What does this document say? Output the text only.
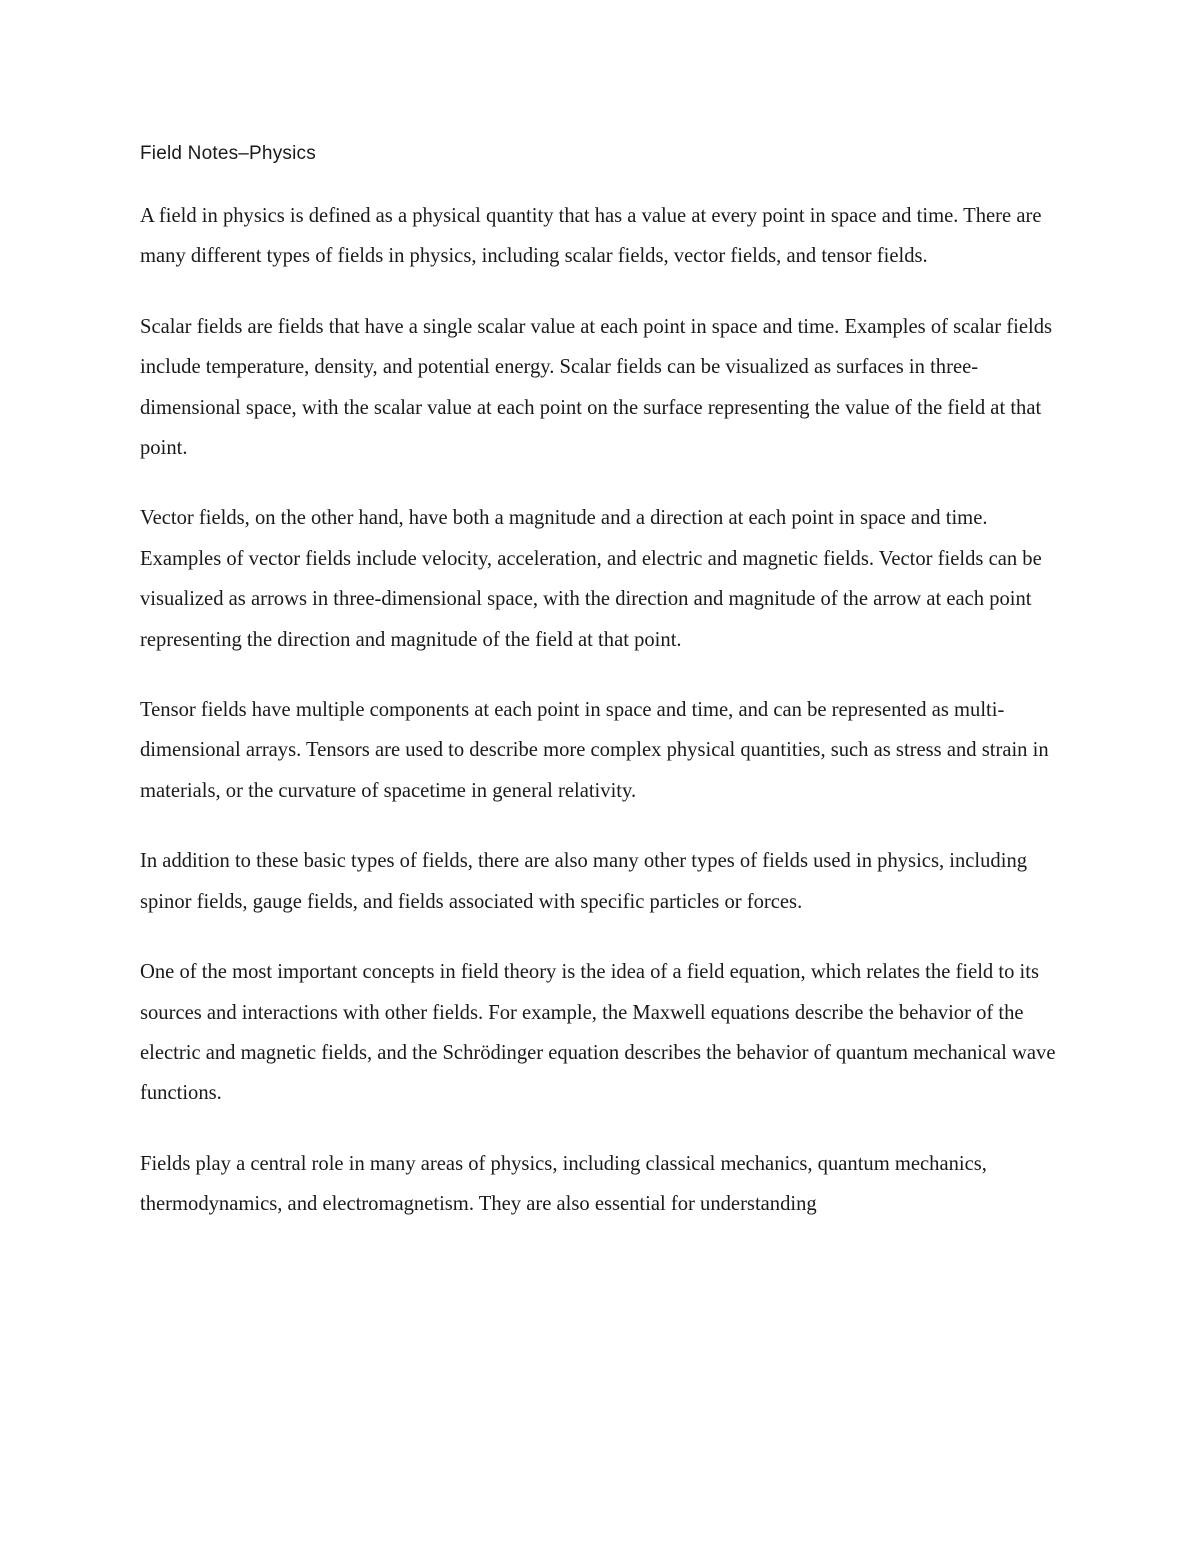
Field Notes–Physics

A field in physics is defined as a physical quantity that has a value at every point in space and time. There are many different types of fields in physics, including scalar fields, vector fields, and tensor fields.

Scalar fields are fields that have a single scalar value at each point in space and time. Examples of scalar fields include temperature, density, and potential energy. Scalar fields can be visualized as surfaces in three-dimensional space, with the scalar value at each point on the surface representing the value of the field at that point.

Vector fields, on the other hand, have both a magnitude and a direction at each point in space and time. Examples of vector fields include velocity, acceleration, and electric and magnetic fields. Vector fields can be visualized as arrows in three-dimensional space, with the direction and magnitude of the arrow at each point representing the direction and magnitude of the field at that point.

Tensor fields have multiple components at each point in space and time, and can be represented as multi-dimensional arrays. Tensors are used to describe more complex physical quantities, such as stress and strain in materials, or the curvature of spacetime in general relativity.

In addition to these basic types of fields, there are also many other types of fields used in physics, including spinor fields, gauge fields, and fields associated with specific particles or forces.

One of the most important concepts in field theory is the idea of a field equation, which relates the field to its sources and interactions with other fields. For example, the Maxwell equations describe the behavior of the electric and magnetic fields, and the Schrödinger equation describes the behavior of quantum mechanical wave functions.

Fields play a central role in many areas of physics, including classical mechanics, quantum mechanics, thermodynamics, and electromagnetism. They are also essential for understanding
